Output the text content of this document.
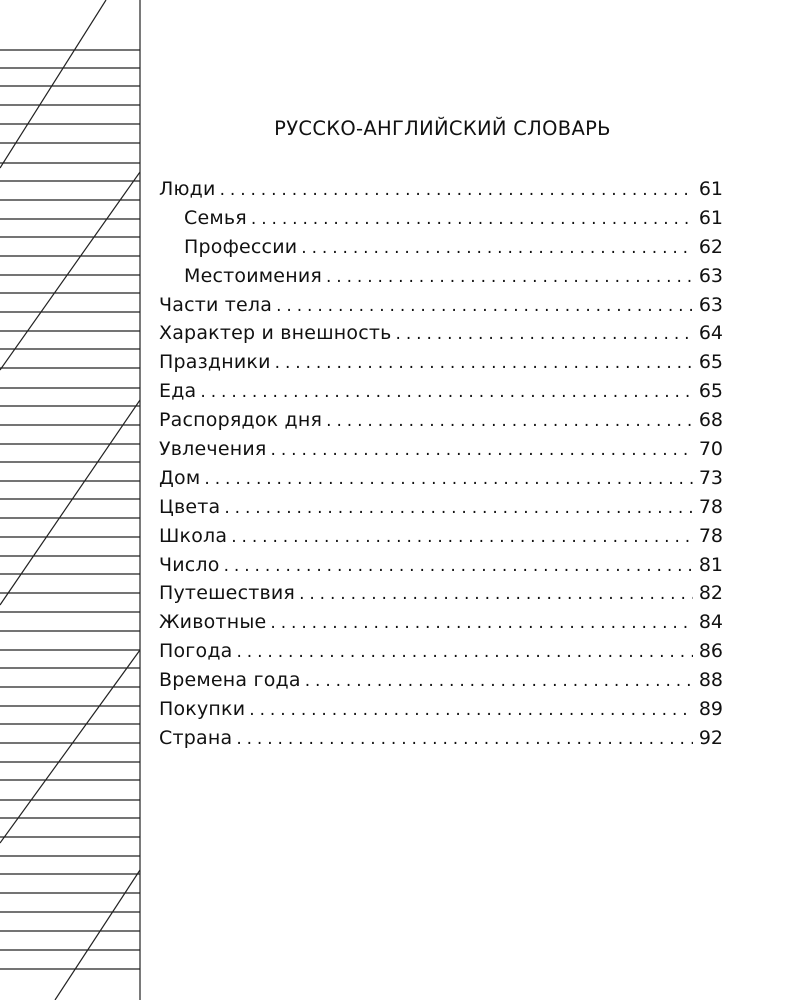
РУССКО-АНГЛИЙСКИЙ СЛОВАРЬ
Люди . . .	61
Семья . . .	61
Профессии . . .	62
Местоимения . . .	63
Части тела . . .	63
Характер и внешность . . .	64
Праздники . . .	65
Еда . . .	65
Распорядок дня . . .	68
Увлечения . . .	70
Дом . . .	73
Цвета . . .	78
Школа . . .	78
Число . . .	81
Путешествия . . .	82
Животные . . .	84
Погода . . .	86
Времена года . . .	88
Покупки . . .	89
Страна . . .	92
